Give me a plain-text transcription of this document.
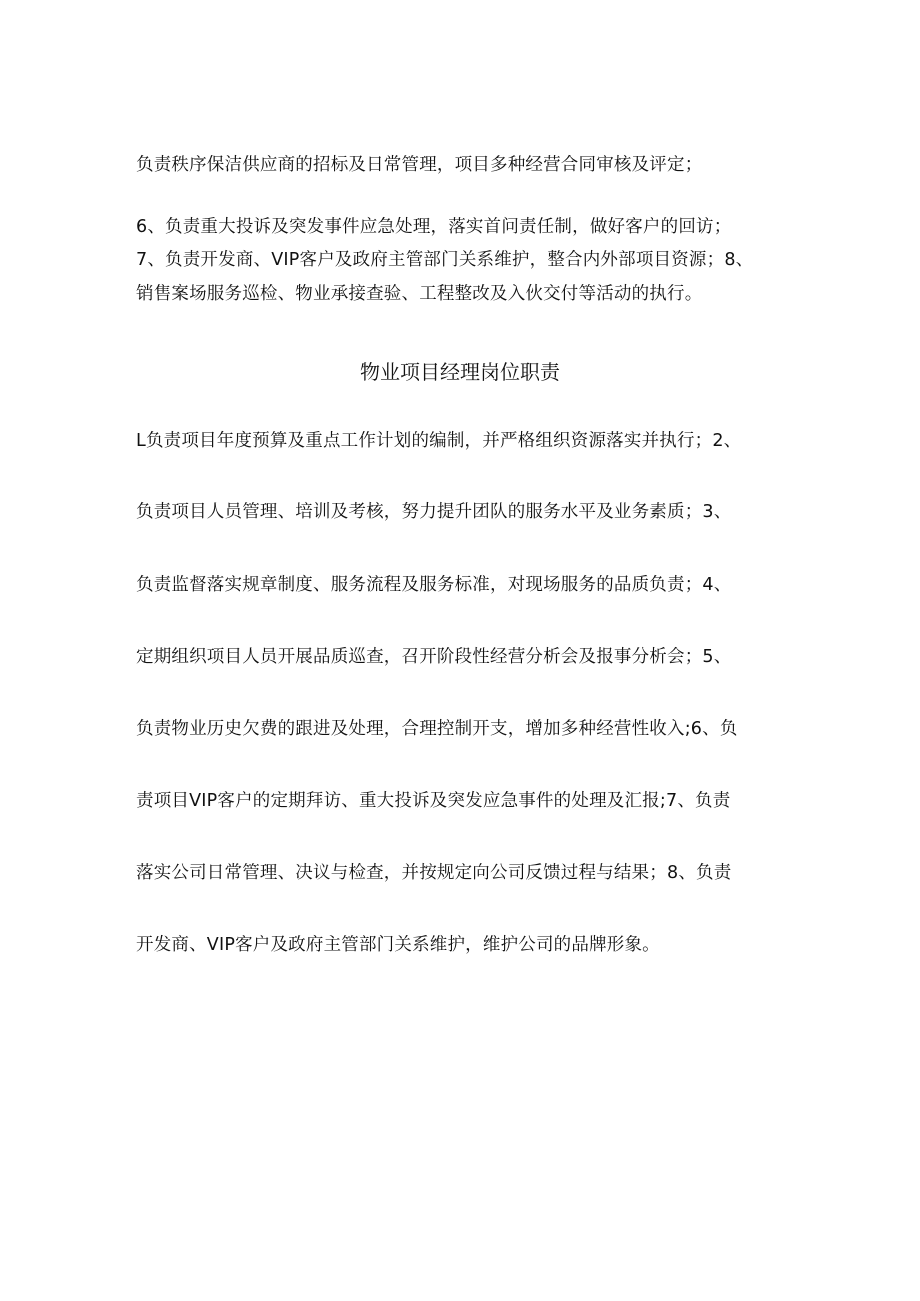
负责秩序保洁供应商的招标及日常管理，项目多种经营合同审核及评定；
6、负责重大投诉及突发事件应急处理，落实首问责任制，做好客户的回访；
7、负责开发商、VIP客户及政府主管部门关系维护，整合内外部项目资源；8、
销售案场服务巡检、物业承接查验、工程整改及入伙交付等活动的执行。
物业项目经理岗位职责
L负责项目年度预算及重点工作计划的编制，并严格组织资源落实并执行；2、
负责项目人员管理、培训及考核，努力提升团队的服务水平及业务素质；3、
负责监督落实规章制度、服务流程及服务标准，对现场服务的品质负责；4、
定期组织项目人员开展品质巡查，召开阶段性经营分析会及报事分析会；5、
负责物业历史欠费的跟进及处理，合理控制开支，增加多种经营性收入;6、负
责项目VIP客户的定期拜访、重大投诉及突发应急事件的处理及汇报;7、负责
落实公司日常管理、决议与检查，并按规定向公司反馈过程与结果；8、负责
开发商、VIP客户及政府主管部门关系维护，维护公司的品牌形象。
